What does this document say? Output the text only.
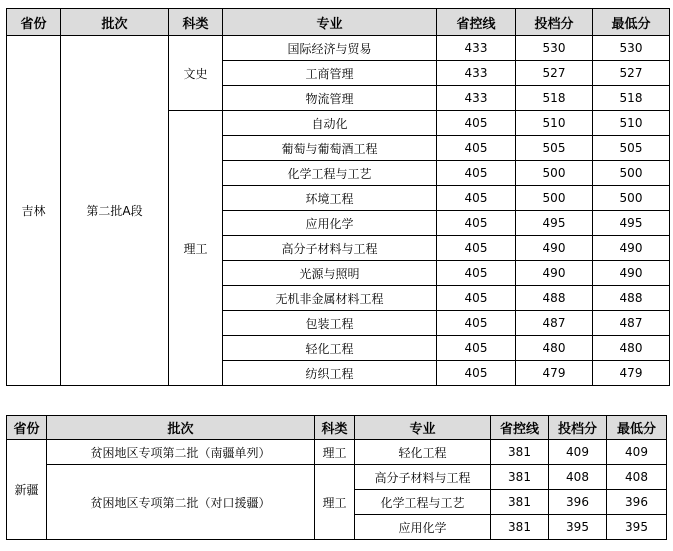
省份	批次	科类	专业	省控线	投档分	最低分
吉林	第二批A段	文史	国际经济与贸易	433	530	530
			工商管理	433	527	527
			物流管理	433	518	518
		理工	自动化	405	510	510
			葡萄与葡萄酒工程	405	505	505
			化学工程与工艺	405	500	500
			环境工程	405	500	500
			应用化学	405	495	495
			高分子材料与工程	405	490	490
			光源与照明	405	490	490
			无机非金属材料工程	405	488	488
			包装工程	405	487	487
			轻化工程	405	480	480
			纺织工程	405	479	479
省份	批次	科类	专业	省控线	投档分	最低分
新疆	贫困地区专项第二批（南疆单列）	理工	轻化工程	381	409	409
	贫困地区专项第二批（对口援疆）	理工	高分子材料与工程	381	408	408
			化学工程与工艺	381	396	396
			应用化学	381	395	395
